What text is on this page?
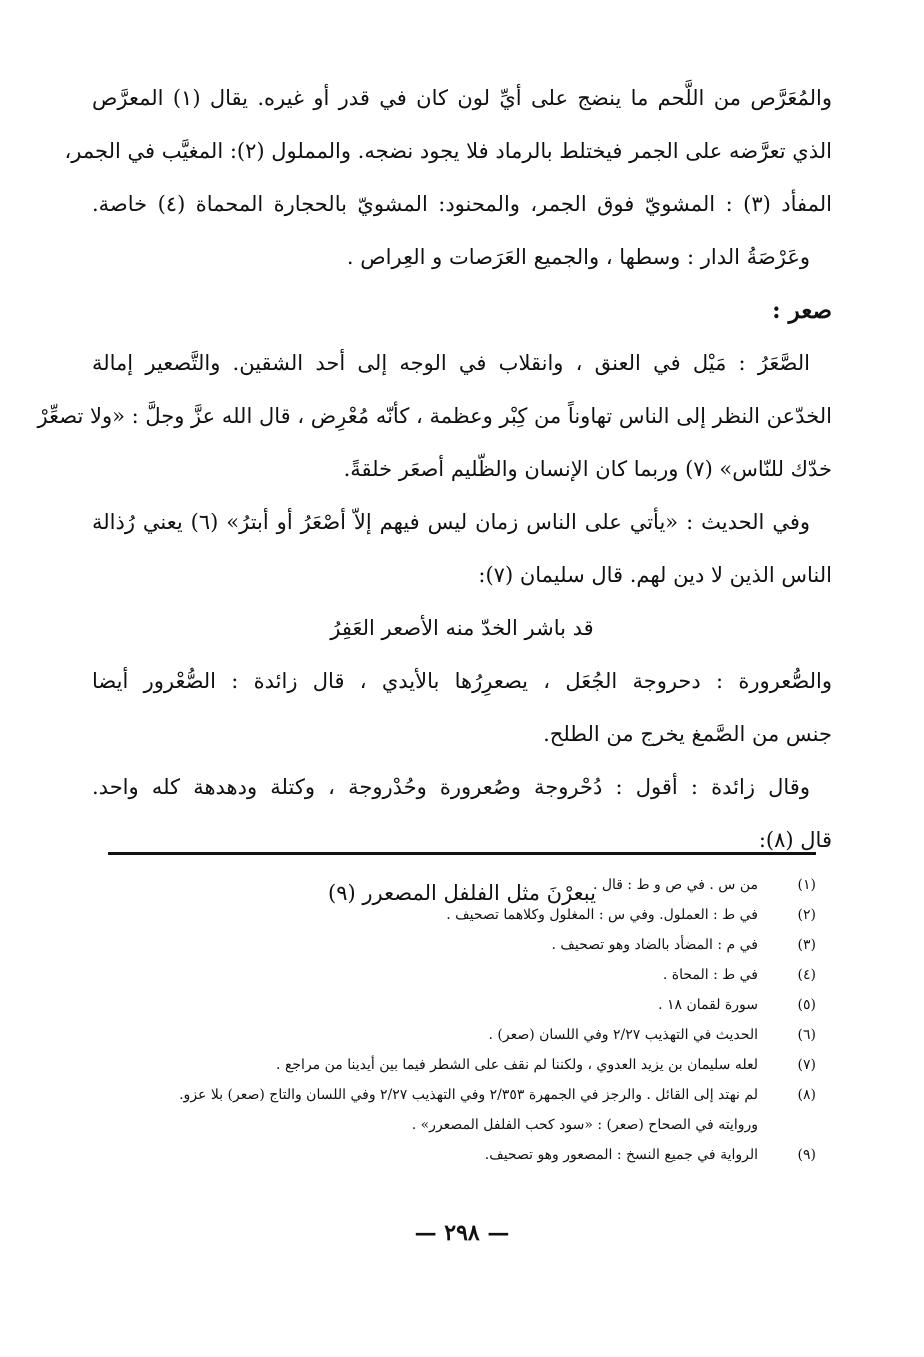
والمُعَرَّص من اللَّحم ما ينضج على أيِّ لون كان في قدر أو غيره. يقال (١) المعرَّص
الذي تعرَّضه على الجمر فيختلط بالرماد فلا يجود نضجه. والمملول (٢): المغيَّب في الجمر،
المفأد (٣) : المشويّ فوق الجمر، والمحنود: المشويّ بالحجارة المحماة (٤) خاصة.
وعَرْصَةُ الدار : وسطها ، والجميع العَرَصات و العِراص .
صعر :
الصَّعَرُ : مَيْل في العنق ، وانقلاب في الوجه إلى أحد الشقين. والتَّصعير إمالة
الخدّعن النظر إلى الناس تهاوناً من كِبْر وعظمة ، كأنّه مُعْرِض ، قال الله عزَّ وجلَّ : «ولا تصعِّرْ
خدّك للنّاس» (٧) وربما كان الإنسان والظّليم أصعَر خلقةً.
وفي الحديث : «يأتي على الناس زمان ليس فيهم إلاّ أصْعَرُ أو أبترُ» (٦) يعني رُذالة
الناس الذين لا دين لهم. قال سليمان (٧):
قد باشر الخدّ منه الأصعر العَفِرُ
والصُّعرورة : دحروجة الجُعَل ، يصعرِرُها بالأيدي ، قال زائدة : الصُّعْرور أيضا
جنس من الصَّمغ يخرج من الطلح.
وقال زائدة : أقول : دُحْروجة وصُعرورة وحُدْروجة ، وكتلة ودهدهة كله واحد.
قال (٨):
يبعرْنَ مثل الفلفل المصعرر (٩)	(١)
من س . في ص و ط : قال .
(٢)
في ط : العملول. وفي س : المغلول وكلاهما تصحيف .
(٣)
في م : المضأد بالضاد وهو تصحيف .
(٤)
في ط : المحاة .
(٥)
سورة لقمان ١٨ .
(٦)
الحديث في التهذيب ٢/٢٧ وفي اللسان (صعر) .
(٧)
لعله سليمان بن يزيد العدوي ، ولكننا لم نقف على الشطر فيما بين أيدينا من مراجع .
(٨)
لم نهتد إلى القائل . والرجز في الجمهرة ٢/٣٥٣ وفي التهذيب ٢/٢٧ وفي اللسان والتاج (صعر) بلا عزو.
وروايته في الصحاح (صعر) : «سود كحب الفلفل المصعرر» .
(٩)
الرواية في جميع النسخ : المصعور وهو تصحيف.
— ٢٩٨ —
